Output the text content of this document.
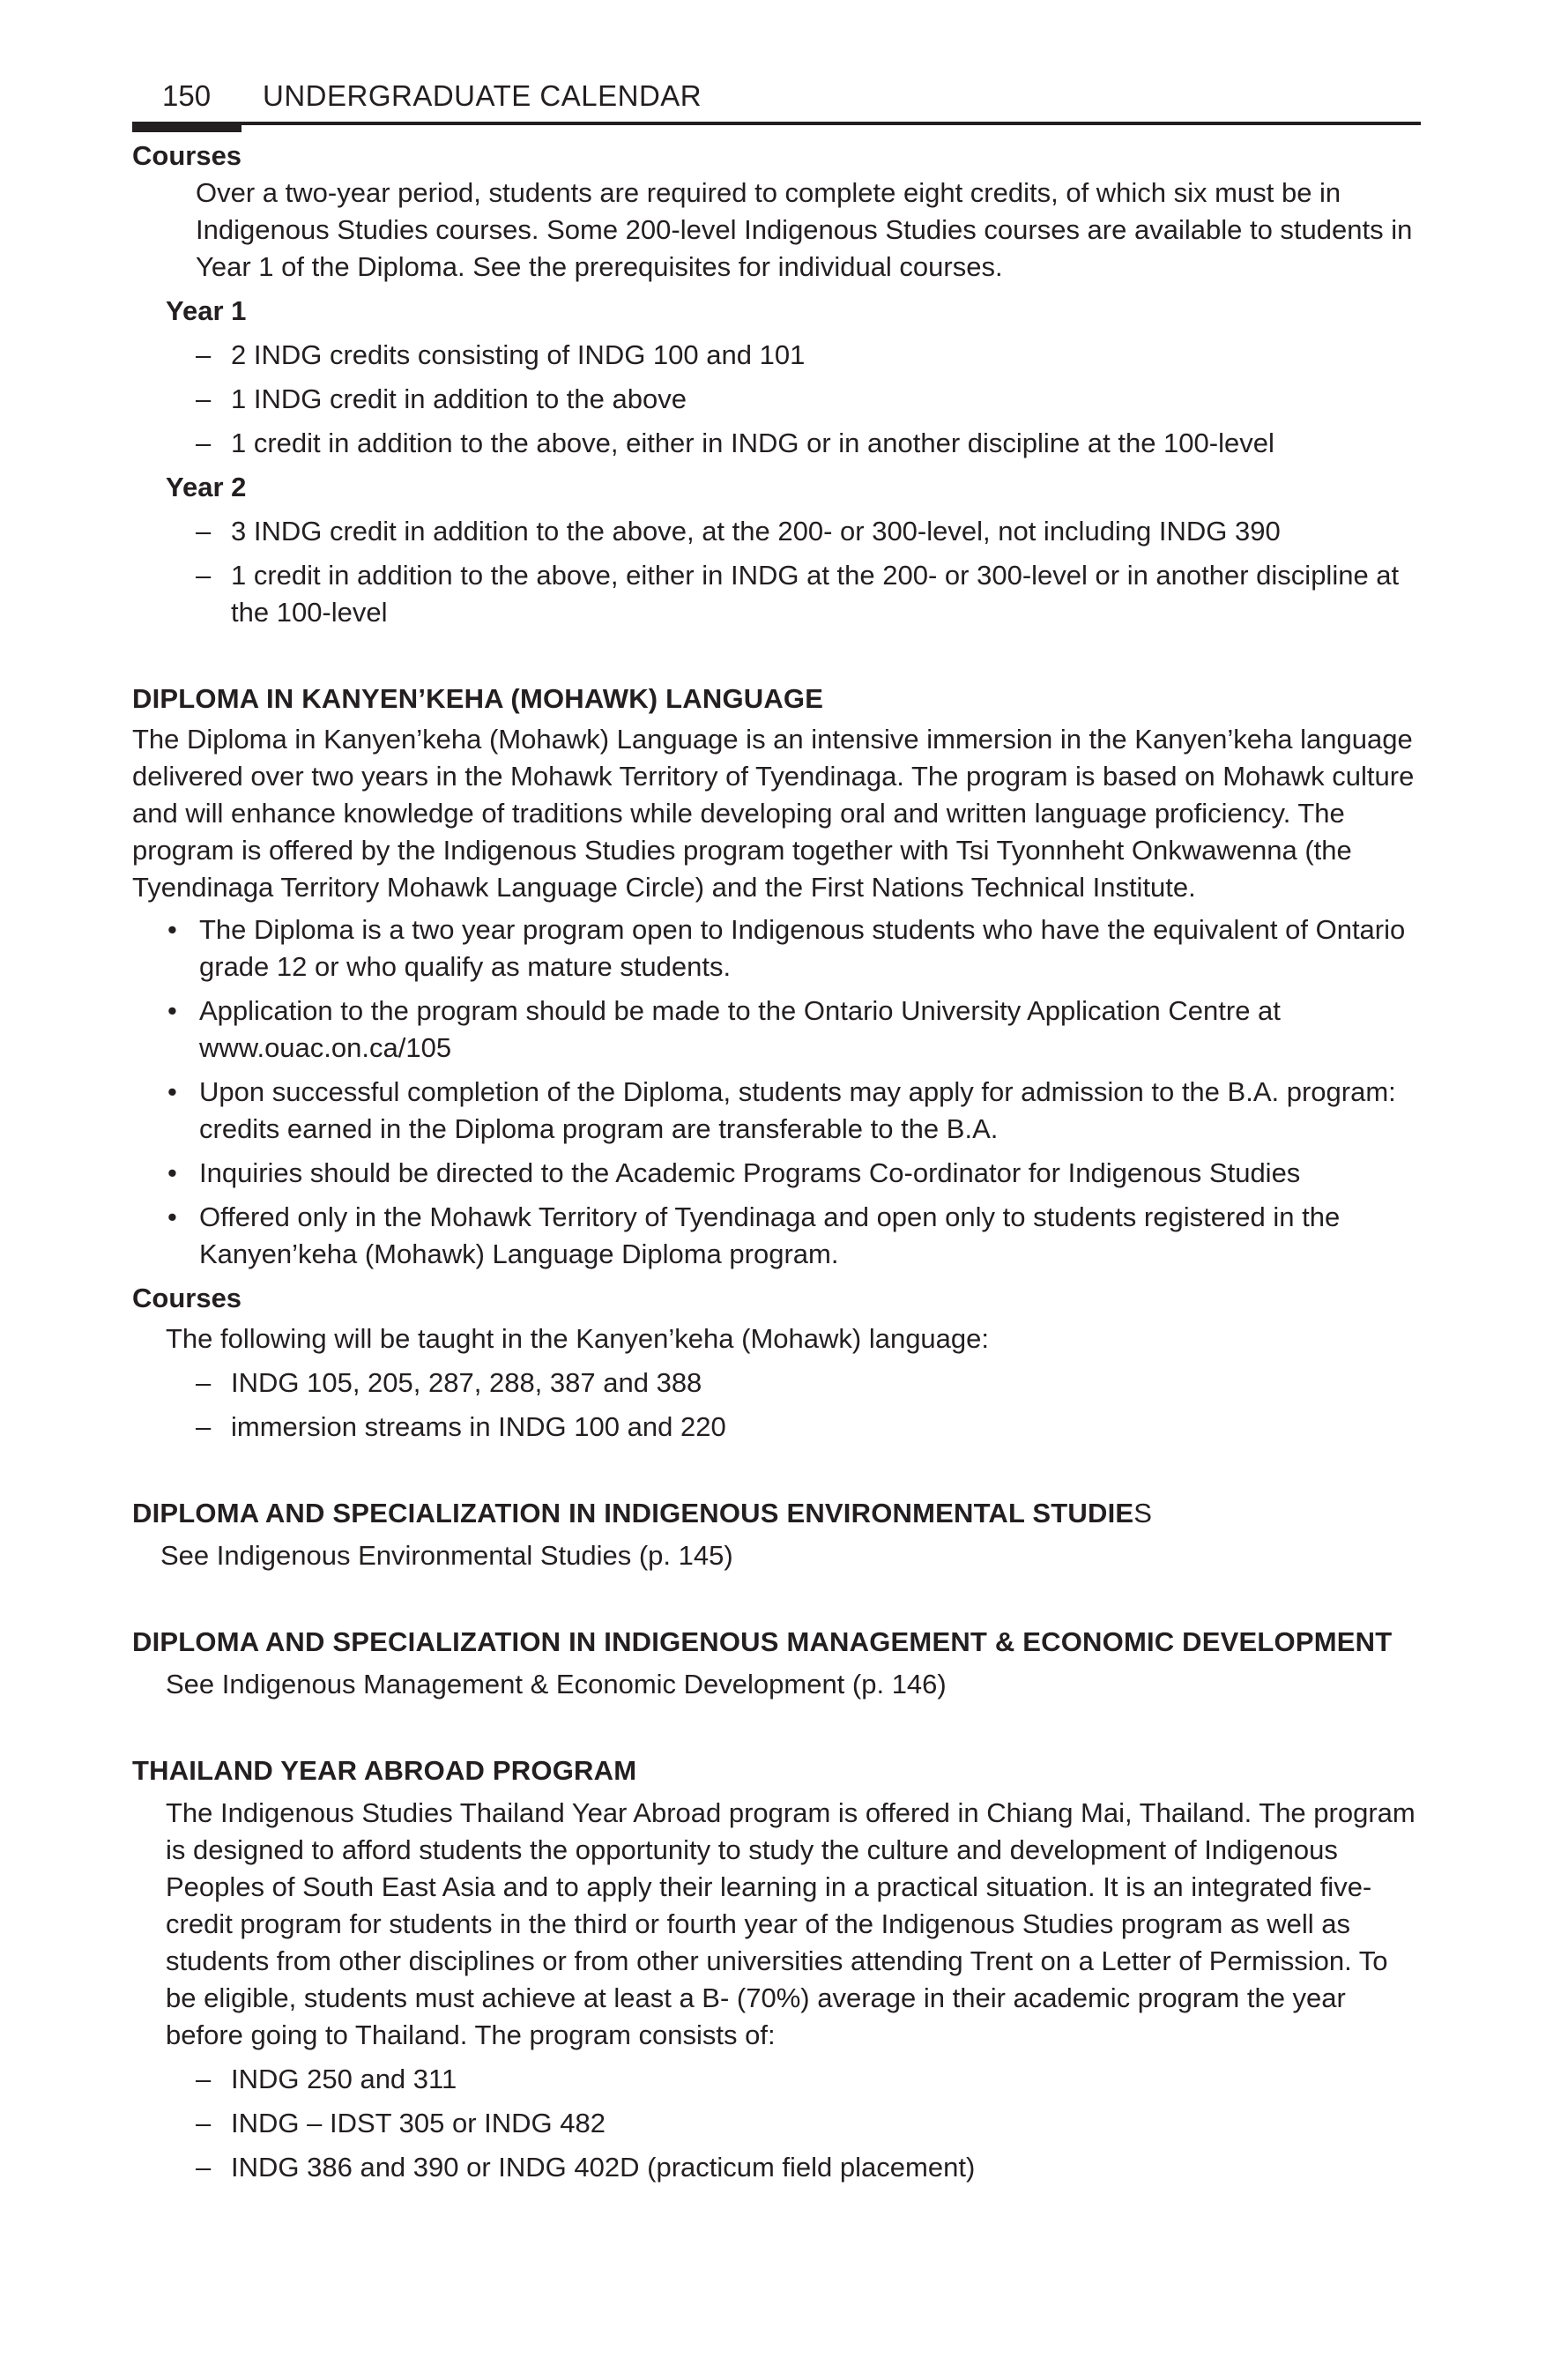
150 UNDERGRADUATE CALENDAR

Courses

Over a two-year period, students are required to complete eight credits, of which six must be in Indigenous Studies courses. Some 200-level Indigenous Studies courses are available to students in Year 1 of the Diploma. See the prerequisites for individual courses.

Year 1

– 2 INDG credits consisting of INDG 100 and 101
– 1 INDG credit in addition to the above
– 1 credit in addition to the above, either in INDG or in another discipline at the 100-level

Year 2

– 3 INDG credit in addition to the above, at the 200- or 300-level, not including INDG 390
– 1 credit in addition to the above, either in INDG at the 200- or 300-level or in another discipline at the 100-level

DIPLOMA IN KANYEN’KEHA (MOHAWK) LANGUAGE

The Diploma in Kanyen’keha (Mohawk) Language is an intensive immersion in the Kanyen’keha language delivered over two years in the Mohawk Territory of Tyendinaga. The program is based on Mohawk culture and will enhance knowledge of traditions while developing oral and written language proficiency. The program is offered by the Indigenous Studies program together with Tsi Tyonnheht Onkwawenna (the Tyendinaga Territory Mohawk Language Circle) and the First Nations Technical Institute.

• The Diploma is a two year program open to Indigenous students who have the equivalent of Ontario grade 12 or who qualify as mature students.
• Application to the program should be made to the Ontario University Application Centre at www.ouac.on.ca/105
• Upon successful completion of the Diploma, students may apply for admission to the B.A. program: credits earned in the Diploma program are transferable to the B.A.
• Inquiries should be directed to the Academic Programs Co-ordinator for Indigenous Studies
• Offered only in the Mohawk Territory of Tyendinaga and open only to students registered in the Kanyen’keha (Mohawk) Language Diploma program.

Courses

The following will be taught in the Kanyen’keha (Mohawk) language:

– INDG 105, 205, 287, 288, 387 and 388
– immersion streams in INDG 100 and 220

DIPLOMA AND SPECIALIZATION IN INDIGENOUS ENVIRONMENTAL STUDIES

See Indigenous Environmental Studies (p. 145)

DIPLOMA AND SPECIALIZATION IN INDIGENOUS MANAGEMENT & ECONOMIC DEVELOPMENT

See Indigenous Management & Economic Development (p. 146)

THAILAND YEAR ABROAD PROGRAM

The Indigenous Studies Thailand Year Abroad program is offered in Chiang Mai, Thailand. The program is designed to afford students the opportunity to study the culture and development of Indigenous Peoples of South East Asia and to apply their learning in a practical situation. It is an integrated five-credit program for students in the third or fourth year of the Indigenous Studies program as well as students from other disciplines or from other universities attending Trent on a Letter of Permission. To be eligible, students must achieve at least a B- (70%) average in their academic program the year before going to Thailand. The program consists of:

– INDG 250 and 311
– INDG – IDST 305 or INDG 482
– INDG 386 and 390 or INDG 402D (practicum field placement)
